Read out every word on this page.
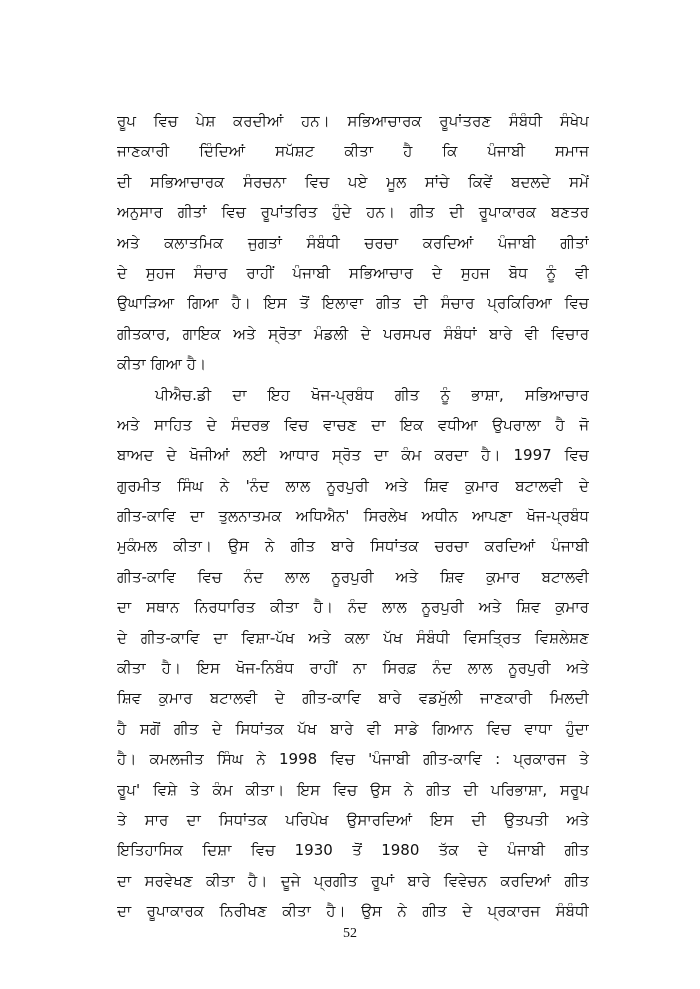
ਰੂਪ ਵਿਚ ਪੇਸ਼ ਕਰਦੀਆਂ ਹਨ। ਸਭਿਆਚਾਰਕ ਰੂਪਾਂਤਰਣ ਸੰਬੰਧੀ ਸੰਖੇਪ
ਜਾਣਕਾਰੀ ਦਿੰਦਿਆਂ ਸਪੱਸ਼ਟ ਕੀਤਾ ਹੈ ਕਿ ਪੰਜਾਬੀ ਸਮਾਜ
ਦੀ ਸਭਿਆਚਾਰਕ ਸੰਰਚਨਾ ਵਿਚ ਪਏ ਮੂਲ ਸਾਂਚੇ ਕਿਵੇਂ ਬਦਲਦੇ ਸਮੇਂ
ਅਨੁਸਾਰ ਗੀਤਾਂ ਵਿਚ ਰੂਪਾਂਤਰਿਤ ਹੁੰਦੇ ਹਨ। ਗੀਤ ਦੀ ਰੂਪਾਕਾਰਕ ਬਣਤਰ
ਅਤੇ ਕਲਾਤਮਿਕ ਜੁਗਤਾਂ ਸੰਬੰਧੀ ਚਰਚਾ ਕਰਦਿਆਂ ਪੰਜਾਬੀ ਗੀਤਾਂ
ਦੇ ਸੁਹਜ ਸੰਚਾਰ ਰਾਹੀਂ ਪੰਜਾਬੀ ਸਭਿਆਚਾਰ ਦੇ ਸੁਹਜ ਬੋਧ ਨੂੰ ਵੀ
ਉਘਾੜਿਆ ਗਿਆ ਹੈ। ਇਸ ਤੋਂ ਇਲਾਵਾ ਗੀਤ ਦੀ ਸੰਚਾਰ ਪ੍ਰਕਿਰਿਆ ਵਿਚ
ਗੀਤਕਾਰ, ਗਾਇਕ ਅਤੇ ਸ੍ਰੋਤਾ ਮੰਡਲੀ ਦੇ ਪਰਸਪਰ ਸੰਬੰਧਾਂ ਬਾਰੇ ਵੀ ਵਿਚਾਰ
ਕੀਤਾ ਗਿਆ ਹੈ।
ਪੀਐਚ.ਡੀ ਦਾ ਇਹ ਖੋਜ-ਪ੍ਰਬੰਧ ਗੀਤ ਨੂੰ ਭਾਸ਼ਾ, ਸਭਿਆਚਾਰ
ਅਤੇ ਸਾਹਿਤ ਦੇ ਸੰਦਰਭ ਵਿਚ ਵਾਚਣ ਦਾ ਇਕ ਵਧੀਆ ਉਪਰਾਲਾ ਹੈ ਜੋ
ਬਾਅਦ ਦੇ ਖੋਜੀਆਂ ਲਈ ਆਧਾਰ ਸ੍ਰੋਤ ਦਾ ਕੰਮ ਕਰਦਾ ਹੈ। 1997 ਵਿਚ
ਗੁਰਮੀਤ ਸਿੰਘ ਨੇ 'ਨੰਦ ਲਾਲ ਨੂਰਪੁਰੀ ਅਤੇ ਸ਼ਿਵ ਕੁਮਾਰ ਬਟਾਲਵੀ ਦੇ
ਗੀਤ-ਕਾਵਿ ਦਾ ਤੁਲਨਾਤਮਕ ਅਧਿਐਨ' ਸਿਰਲੇਖ ਅਧੀਨ ਆਪਣਾ ਖੋਜ-ਪ੍ਰਬੰਧ
ਮੁਕੰਮਲ ਕੀਤਾ। ਉਸ ਨੇ ਗੀਤ ਬਾਰੇ ਸਿਧਾਂਤਕ ਚਰਚਾ ਕਰਦਿਆਂ ਪੰਜਾਬੀ
ਗੀਤ-ਕਾਵਿ ਵਿਚ ਨੰਦ ਲਾਲ ਨੂਰਪੁਰੀ ਅਤੇ ਸ਼ਿਵ ਕੁਮਾਰ ਬਟਾਲਵੀ
ਦਾ ਸਥਾਨ ਨਿਰਧਾਰਿਤ ਕੀਤਾ ਹੈ। ਨੰਦ ਲਾਲ ਨੂਰਪੁਰੀ ਅਤੇ ਸ਼ਿਵ ਕੁਮਾਰ
ਦੇ ਗੀਤ-ਕਾਵਿ ਦਾ ਵਿਸ਼ਾ-ਪੱਖ ਅਤੇ ਕਲਾ ਪੱਖ ਸੰਬੰਧੀ ਵਿਸਤ੍ਰਿਤ ਵਿਸ਼ਲੇਸ਼ਣ
ਕੀਤਾ ਹੈ। ਇਸ ਖੋਜ-ਨਿਬੰਧ ਰਾਹੀਂ ਨਾ ਸਿਰਫ਼ ਨੰਦ ਲਾਲ ਨੂਰਪੁਰੀ ਅਤੇ
ਸ਼ਿਵ ਕੁਮਾਰ ਬਟਾਲਵੀ ਦੇ ਗੀਤ-ਕਾਵਿ ਬਾਰੇ ਵਡਮੁੱਲੀ ਜਾਣਕਾਰੀ ਮਿਲਦੀ
ਹੈ ਸਗੋਂ ਗੀਤ ਦੇ ਸਿਧਾਂਤਕ ਪੱਖ ਬਾਰੇ ਵੀ ਸਾਡੇ ਗਿਆਨ ਵਿਚ ਵਾਧਾ ਹੁੰਦਾ
ਹੈ। ਕਮਲਜੀਤ ਸਿੰਘ ਨੇ 1998 ਵਿਚ 'ਪੰਜਾਬੀ ਗੀਤ-ਕਾਵਿ : ਪ੍ਰਕਾਰਜ ਤੇ
ਰੂਪ' ਵਿਸ਼ੇ ਤੇ ਕੰਮ ਕੀਤਾ। ਇਸ ਵਿਚ ਉਸ ਨੇ ਗੀਤ ਦੀ ਪਰਿਭਾਸ਼ਾ, ਸਰੂਪ
ਤੇ ਸਾਰ ਦਾ ਸਿਧਾਂਤਕ ਪਰਿਪੇਖ ਉਸਾਰਦਿਆਂ ਇਸ ਦੀ ਉਤਪਤੀ ਅਤੇ
ਇਤਿਹਾਸਿਕ ਦਿਸ਼ਾ ਵਿਚ 1930 ਤੋਂ 1980 ਤੱਕ ਦੇ ਪੰਜਾਬੀ ਗੀਤ
ਦਾ ਸਰਵੇਖਣ ਕੀਤਾ ਹੈ। ਦੂਜੇ ਪ੍ਰਗੀਤ ਰੂਪਾਂ ਬਾਰੇ ਵਿਵੇਚਨ ਕਰਦਿਆਂ ਗੀਤ
ਦਾ ਰੂਪਾਕਾਰਕ ਨਿਰੀਖਣ ਕੀਤਾ ਹੈ। ਉਸ ਨੇ ਗੀਤ ਦੇ ਪ੍ਰਕਾਰਜ ਸੰਬੰਧੀ
52
